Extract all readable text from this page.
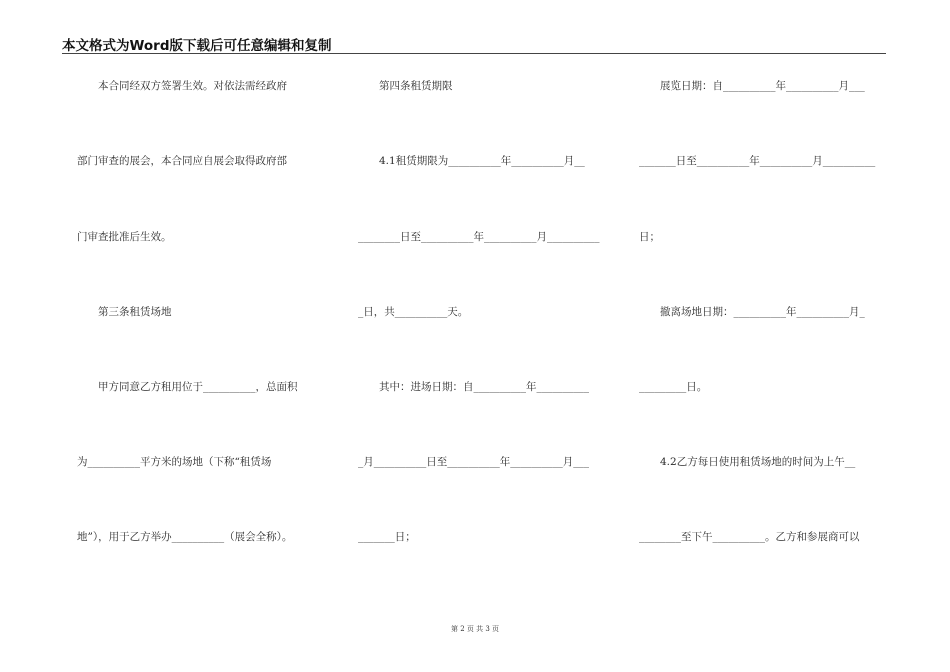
本文格式为Word版下载后可任意编辑和复制
　　本合同经双方签署生效。对依法需经政府
部门审查的展会，本合同应自展会取得政府部
门审查批准后生效。
　　第三条租赁场地
　　甲方同意乙方租用位于__________，总面积
为__________平方米的场地（下称“租赁场
地”），用于乙方举办__________（展会全称）。
　　第四条租赁期限
　　4.1租赁期限为__________年__________月__
________日至__________年__________月__________
_日，共__________天。
　　其中：进场日期：自__________年__________
_月__________日至__________年__________月___
_______日；
　　展览日期：自__________年__________月___
_______日至__________年__________月__________
日；
　　撤离场地日期：__________年__________月_
_________日。
　　4.2乙方每日使用租赁场地的时间为上午__
________至下午__________。乙方和参展商可以
第 2 页 共 3 页
